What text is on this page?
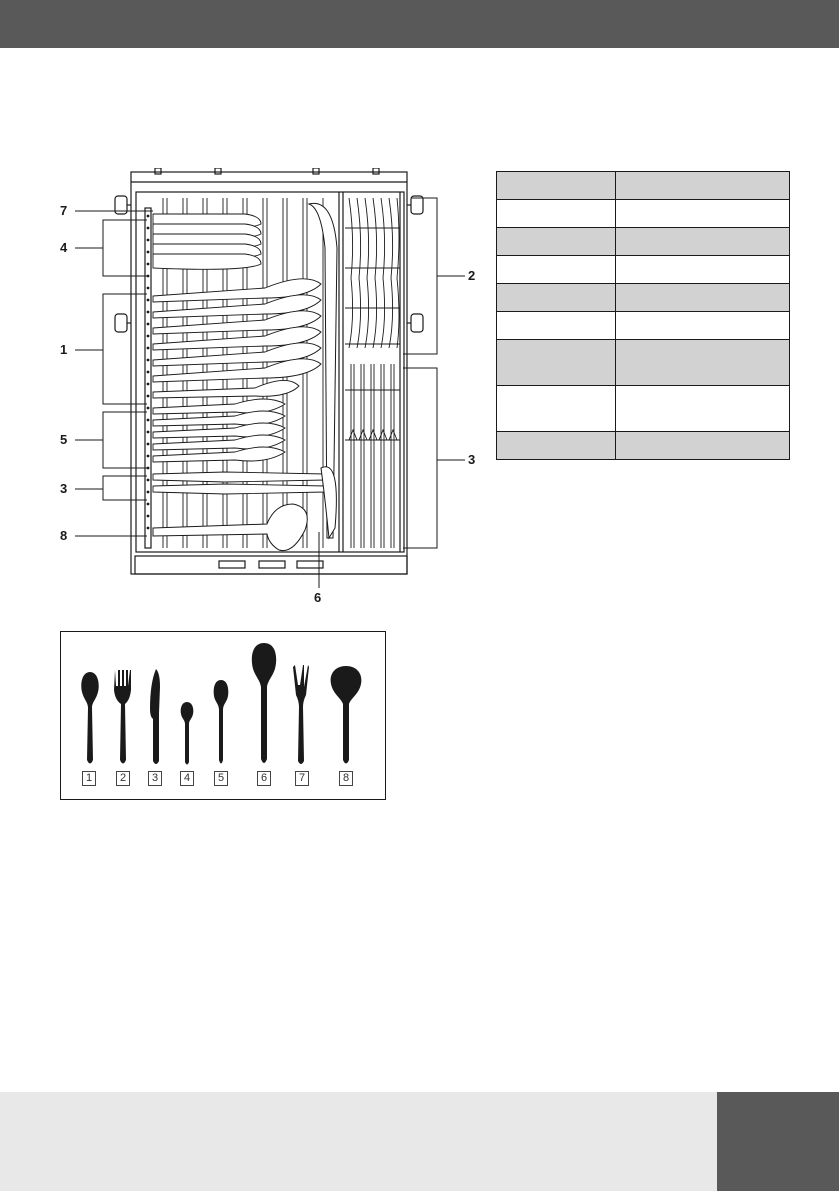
7
4
1
5
3
8
2
3
6

1	2	3	4	5	6	7	8
